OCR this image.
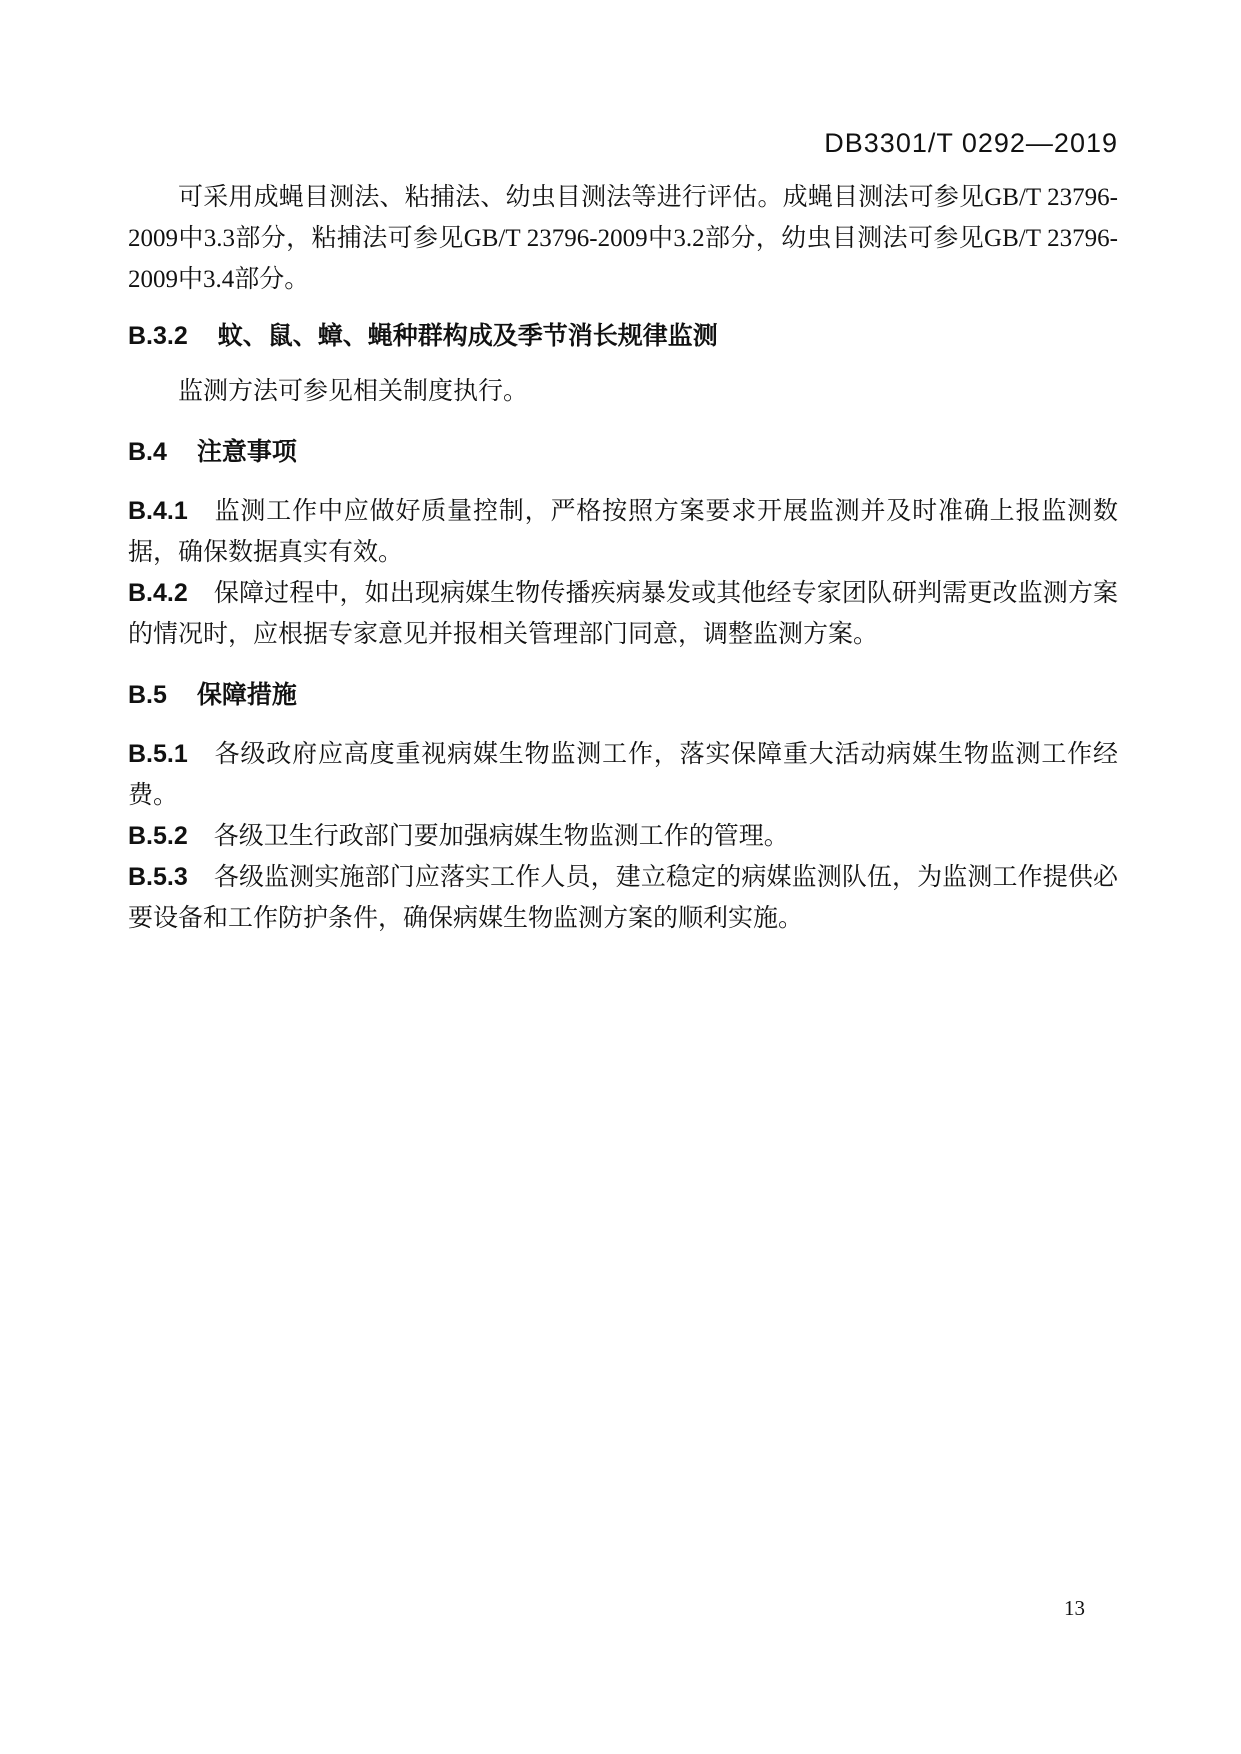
DB3301/T 0292—2019

可采用成蝇目测法、粘捕法、幼虫目测法等进行评估。成蝇目测法可参见GB/T 23796-2009中3.3部分，粘捕法可参见GB/T 23796-2009中3.2部分，幼虫目测法可参见GB/T 23796-2009中3.4部分。

B.3.2 蚊、鼠、蟑、蝇种群构成及季节消长规律监测

监测方法可参见相关制度执行。

B.4 注意事项

B.4.1 监测工作中应做好质量控制，严格按照方案要求开展监测并及时准确上报监测数据，确保数据真实有效。

B.4.2 保障过程中，如出现病媒生物传播疾病暴发或其他经专家团队研判需更改监测方案的情况时，应根据专家意见并报相关管理部门同意，调整监测方案。

B.5 保障措施

B.5.1 各级政府应高度重视病媒生物监测工作，落实保障重大活动病媒生物监测工作经费。

B.5.2 各级卫生行政部门要加强病媒生物监测工作的管理。

B.5.3 各级监测实施部门应落实工作人员，建立稳定的病媒监测队伍，为监测工作提供必要设备和工作防护条件，确保病媒生物监测方案的顺利实施。

13
